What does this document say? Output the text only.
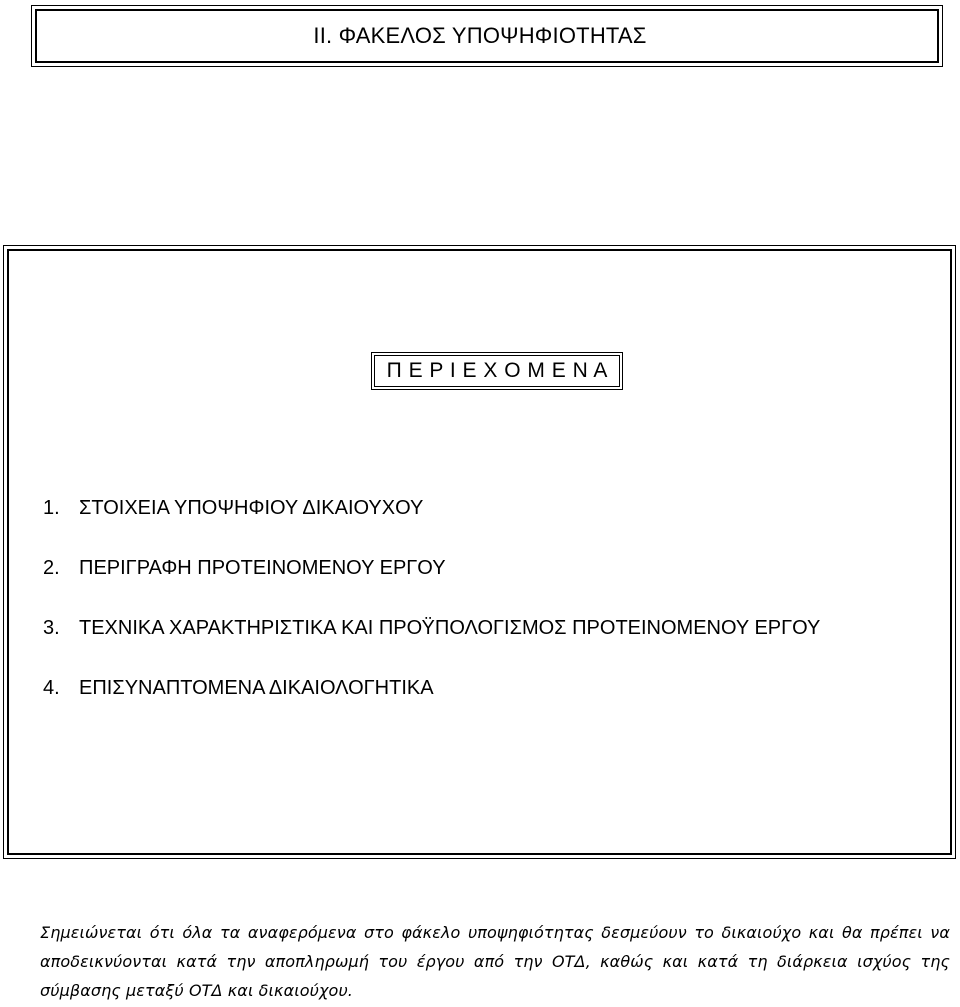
II. ΦΑΚΕΛΟΣ ΥΠΟΨΗΦΙΟΤΗΤΑΣ
Π Ε Ρ Ι Ε Χ Ο Μ Ε Ν Α
1. ΣΤΟΙΧΕΙΑ ΥΠΟΨΗΦΙΟΥ ΔΙΚΑΙΟΥΧΟΥ
2. ΠΕΡΙΓΡΑΦΗ ΠΡΟΤΕΙΝΟΜΕΝΟΥ ΕΡΓΟΥ
3. ΤΕΧΝΙΚΑ ΧΑΡΑΚΤΗΡΙΣΤΙΚΑ ΚΑΙ ΠΡΟΫΠΟΛΟΓΙΣΜΟΣ ΠΡΟΤΕΙΝΟΜΕΝΟΥ ΕΡΓΟΥ
4. ΕΠΙΣΥΝΑΠΤΟΜΕΝΑ ΔΙΚΑΙΟΛΟΓΗΤΙΚΑ

Σημειώνεται ότι όλα τα αναφερόμενα στο φάκελο υποψηφιότητας δεσμεύουν το δικαιούχο και θα πρέπει να αποδεικνύονται κατά την αποπληρωμή του έργου από την ΟΤΔ, καθώς και κατά τη διάρκεια ισχύος της σύμβασης μεταξύ ΟΤΔ και δικαιούχου.
